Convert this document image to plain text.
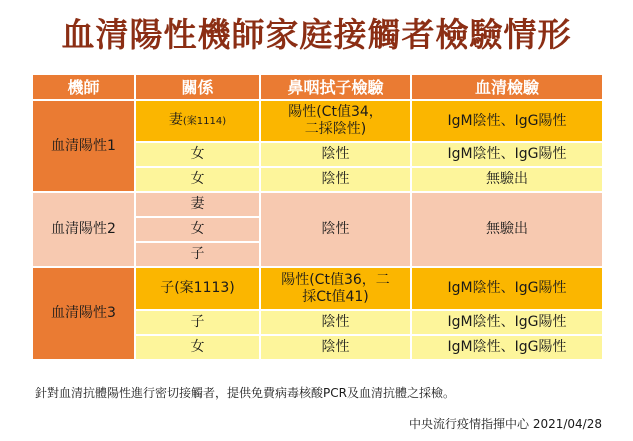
血清陽性機師家庭接觸者檢驗情形
機師	關係	鼻咽拭子檢驗	血清檢驗
血清陽性1	妻(案1114)	陽性(Ct值34，二採陰性)	IgM陰性、IgG陽性
	女	陰性	IgM陰性、IgG陽性
	女	陰性	無驗出
血清陽性2	妻	陰性	無驗出
	女		
	子		
血清陽性3	子(案1113)	陽性(Ct值36，二採Ct值41)	IgM陰性、IgG陽性
	子	陰性	IgM陰性、IgG陽性
	女	陰性	IgM陰性、IgG陽性
針對血清抗體陽性進行密切接觸者，提供免費病毒核酸PCR及血清抗體之採檢。
中央流行疫情指揮中心 2021/04/28
